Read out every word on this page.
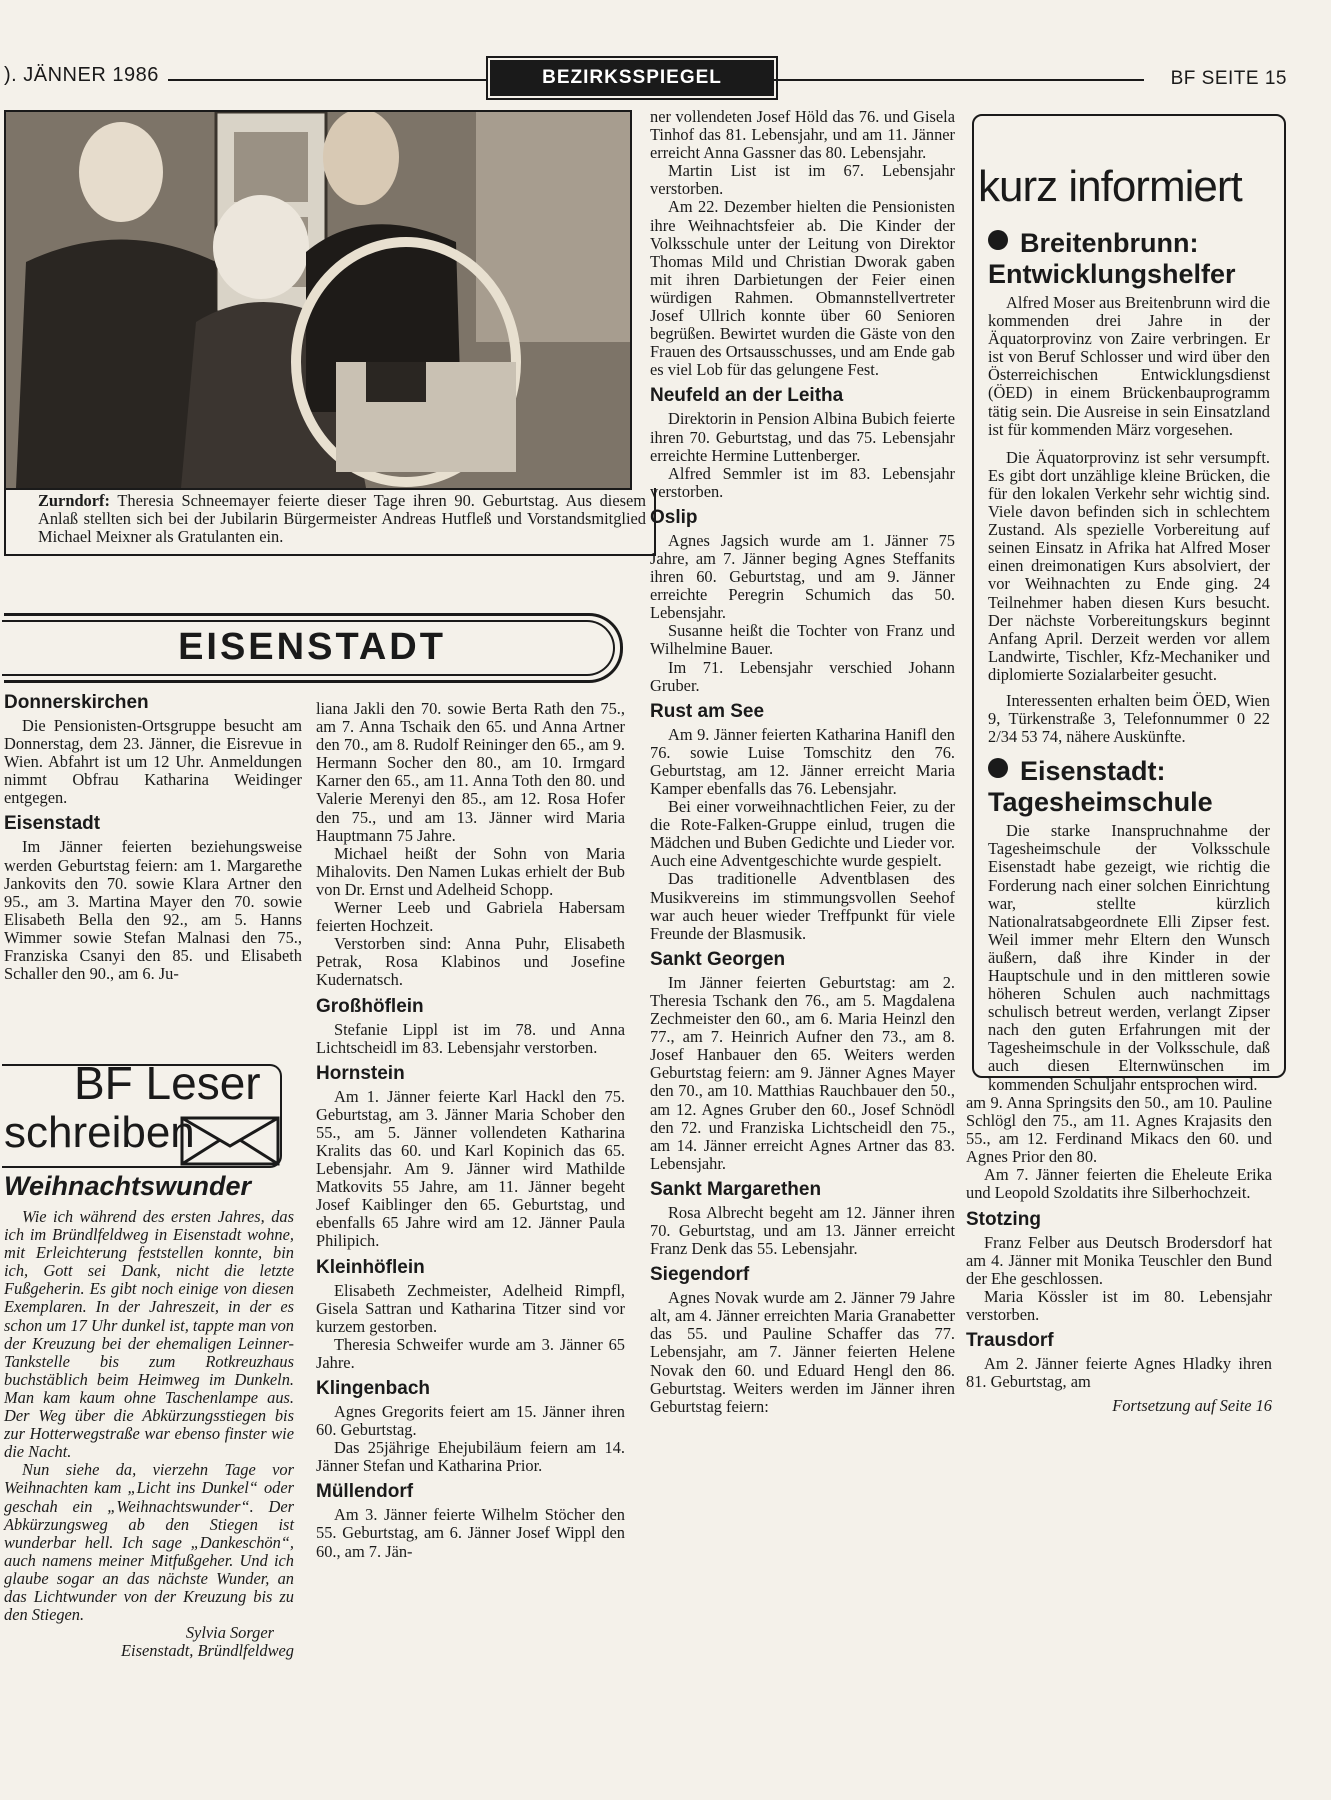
). JÄNNER 1986	BEZIRKSSPIEGEL	BF SEITE 15
Zurndorf: Theresia Schneemayer feierte dieser Tage ihren 90. Geburtstag. Aus diesem Anlaß stellten sich bei der Jubilarin Bürgermeister Andreas Hutfleß und Vorstandsmitglied Michael Meixner als Gratulanten ein.
EISENSTADT
Donnerskirchen

Die Pensionisten-Ortsgruppe besucht am Donnerstag, dem 23. Jänner, die Eisrevue in Wien. Abfahrt ist um 12 Uhr. Anmeldungen nimmt Obfrau Katharina Weidinger entgegen.

Eisenstadt

Im Jänner feierten beziehungsweise werden Geburtstag feiern: am 1. Margarethe Jankovits den 70. sowie Klara Artner den 95., am 3. Martina Mayer den 70. sowie Elisabeth Bella den 92., am 5. Hanns Wimmer sowie Stefan Malnasi den 75., Franziska Csanyi den 85. und Elisabeth Schaller den 90., am 6. Ju-

BF Leser
schreiben
Weihnachtswunder

Wie ich während des ersten Jahres, das ich im Bründlfeldweg in Eisenstadt wohne, mit Erleichterung feststellen konnte, bin ich, Gott sei Dank, nicht die letzte Fußgeherin. Es gibt noch einige von diesen Exemplaren. In der Jahreszeit, in der es schon um 17 Uhr dunkel ist, tappte man von der Kreuzung bei der ehemaligen Leinner-Tankstelle bis zum Rotkreuzhaus buchstäblich beim Heimweg im Dunkeln. Man kam kaum ohne Taschenlampe aus. Der Weg über die Abkürzungsstiegen bis zur Hotterwegstraße war ebenso finster wie die Nacht.

Nun siehe da, vierzehn Tage vor Weihnachten kam „Licht ins Dunkel“ oder geschah ein „Weihnachtswunder“. Der Abkürzungsweg ab den Stiegen ist wunderbar hell. Ich sage „Dankeschön“, auch namens meiner Mitfußgeher. Und ich glaube sogar an das nächste Wunder, an das Lichtwunder von der Kreuzung bis zu den Stiegen.

Sylvia Sorger

Eisenstadt, Bründlfeldweg

liana Jakli den 70. sowie Berta Rath den 75., am 7. Anna Tschaik den 65. und Anna Artner den 70., am 8. Rudolf Reininger den 65., am 9. Hermann Socher den 80., am 10. Irmgard Karner den 65., am 11. Anna Toth den 80. und Valerie Merenyi den 85., am 12. Rosa Hofer den 75., und am 13. Jänner wird Maria Hauptmann 75 Jahre.

Michael heißt der Sohn von Maria Mihalovits. Den Namen Lukas erhielt der Bub von Dr. Ernst und Adelheid Schopp.

Werner Leeb und Gabriela Habersam feierten Hochzeit.

Verstorben sind: Anna Puhr, Elisabeth Petrak, Rosa Klabinos und Josefine Kudernatsch.

Großhöflein

Stefanie Lippl ist im 78. und Anna Lichtscheidl im 83. Lebensjahr verstorben.

Hornstein

Am 1. Jänner feierte Karl Hackl den 75. Geburtstag, am 3. Jänner Maria Schober den 55., am 5. Jänner vollendeten Katharina Kralits das 60. und Karl Kopinich das 65. Lebensjahr. Am 9. Jänner wird Mathilde Matkovits 55 Jahre, am 11. Jänner begeht Josef Kaiblinger den 65. Geburtstag, und ebenfalls 65 Jahre wird am 12. Jänner Paula Philipich.

Kleinhöflein

Elisabeth Zechmeister, Adelheid Rimpfl, Gisela Sattran und Katharina Titzer sind vor kurzem gestorben.

Theresia Schweifer wurde am 3. Jänner 65 Jahre.

Klingenbach

Agnes Gregorits feiert am 15. Jänner ihren 60. Geburtstag.

Das 25jährige Ehejubiläum feiern am 14. Jänner Stefan und Katharina Prior.

Müllendorf

Am 3. Jänner feierte Wilhelm Stöcher den 55. Geburtstag, am 6. Jänner Josef Wippl den 60., am 7. Jän-

ner vollendeten Josef Höld das 76. und Gisela Tinhof das 81. Lebensjahr, und am 11. Jänner erreicht Anna Gassner das 80. Lebensjahr.

Martin List ist im 67. Lebensjahr verstorben.

Am 22. Dezember hielten die Pensionisten ihre Weihnachtsfeier ab. Die Kinder der Volksschule unter der Leitung von Direktor Thomas Mild und Christian Dworak gaben mit ihren Darbietungen der Feier einen würdigen Rahmen. Obmannstellvertreter Josef Ullrich konnte über 60 Senioren begrüßen. Bewirtet wurden die Gäste von den Frauen des Ortsausschusses, und am Ende gab es viel Lob für das gelungene Fest.

Neufeld an der Leitha

Direktorin in Pension Albina Bubich feierte ihren 70. Geburtstag, und das 75. Lebensjahr erreichte Hermine Luttenberger.

Alfred Semmler ist im 83. Lebensjahr verstorben.

Oslip

Agnes Jagsich wurde am 1. Jänner 75 Jahre, am 7. Jänner beging Agnes Steffanits ihren 60. Geburtstag, und am 9. Jänner erreichte Peregrin Schumich das 50. Lebensjahr.

Susanne heißt die Tochter von Franz und Wilhelmine Bauer.

Im 71. Lebensjahr verschied Johann Gruber.

Rust am See

Am 9. Jänner feierten Katharina Hanifl den 76. sowie Luise Tomschitz den 76. Geburtstag, am 12. Jänner erreicht Maria Kamper ebenfalls das 76. Lebensjahr.

Bei einer vorweihnachtlichen Feier, zu der die Rote-Falken-Gruppe einlud, trugen die Mädchen und Buben Gedichte und Lieder vor. Auch eine Adventgeschichte wurde gespielt.

Das traditionelle Adventblasen des Musikvereins im stimmungsvollen Seehof war auch heuer wieder Treffpunkt für viele Freunde der Blasmusik.

Sankt Georgen

Im Jänner feierten Geburtstag: am 2. Theresia Tschank den 76., am 5. Magdalena Zechmeister den 60., am 6. Maria Heinzl den 77., am 7. Heinrich Aufner den 73., am 8. Josef Hanbauer den 65. Weiters werden Geburtstag feiern: am 9. Jänner Agnes Mayer den 70., am 10. Matthias Rauchbauer den 50., am 12. Agnes Gruber den 60., Josef Schnödl den 72. und Franziska Lichtscheidl den 75., am 14. Jänner erreicht Agnes Artner das 83. Lebensjahr.

Sankt Margarethen

Rosa Albrecht begeht am 12. Jänner ihren 70. Geburtstag, und am 13. Jänner erreicht Franz Denk das 55. Lebensjahr.

Siegendorf

Agnes Novak wurde am 2. Jänner 79 Jahre alt, am 4. Jänner erreichten Maria Granabetter das 55. und Pauline Schaffer das 77. Lebensjahr, am 7. Jänner feierten Helene Novak den 60. und Eduard Hengl den 86. Geburtstag. Weiters werden im Jänner ihren Geburtstag feiern:

kurz informiert
Breitenbrunn:
Entwicklungshelfer

Alfred Moser aus Breitenbrunn wird die kommenden drei Jahre in der Äquatorprovinz von Zaire verbringen. Er ist von Beruf Schlosser und wird über den Österreichischen Entwicklungsdienst (ÖED) in einem Brückenbauprogramm tätig sein. Die Ausreise in sein Einsatzland ist für kommenden März vorgesehen.

Die Äquatorprovinz ist sehr versumpft. Es gibt dort unzählige kleine Brücken, die für den lokalen Verkehr sehr wichtig sind. Viele davon befinden sich in schlechtem Zustand. Als spezielle Vorbereitung auf seinen Einsatz in Afrika hat Alfred Moser einen dreimonatigen Kurs absolviert, der vor Weihnachten zu Ende ging. 24 Teilnehmer haben diesen Kurs besucht. Der nächste Vorbereitungskurs beginnt Anfang April. Derzeit werden vor allem Landwirte, Tischler, Kfz-Mechaniker und diplomierte Sozialarbeiter gesucht.

Interessenten erhalten beim ÖED, Wien 9, Türkenstraße 3, Telefonnummer 0 22 2/34 53 74, nähere Auskünfte.

Eisenstadt:
Tagesheimschule

Die starke Inanspruchnahme der Tagesheimschule der Volksschule Eisenstadt habe gezeigt, wie richtig die Forderung nach einer solchen Einrichtung war, stellte kürzlich Nationalratsabgeordnete Elli Zipser fest. Weil immer mehr Eltern den Wunsch äußern, daß ihre Kinder in der Hauptschule und in den mittleren sowie höheren Schulen auch nachmittags schulisch betreut werden, verlangt Zipser nach den guten Erfahrungen mit der Tagesheimschule in der Volksschule, daß auch diesen Elternwünschen im kommenden Schuljahr entsprochen wird.

am 9. Anna Springsits den 50., am 10. Pauline Schlögl den 75., am 11. Agnes Krajasits den 55., am 12. Ferdinand Mikacs den 60. und Agnes Prior den 80.

Am 7. Jänner feierten die Eheleute Erika und Leopold Szoldatits ihre Silberhochzeit.

Stotzing

Franz Felber aus Deutsch Brodersdorf hat am 4. Jänner mit Monika Teuschler den Bund der Ehe geschlossen.

Maria Kössler ist im 80. Lebensjahr verstorben.

Trausdorf

Am 2. Jänner feierte Agnes Hladky ihren 81. Geburtstag, am

Fortsetzung auf Seite 16
